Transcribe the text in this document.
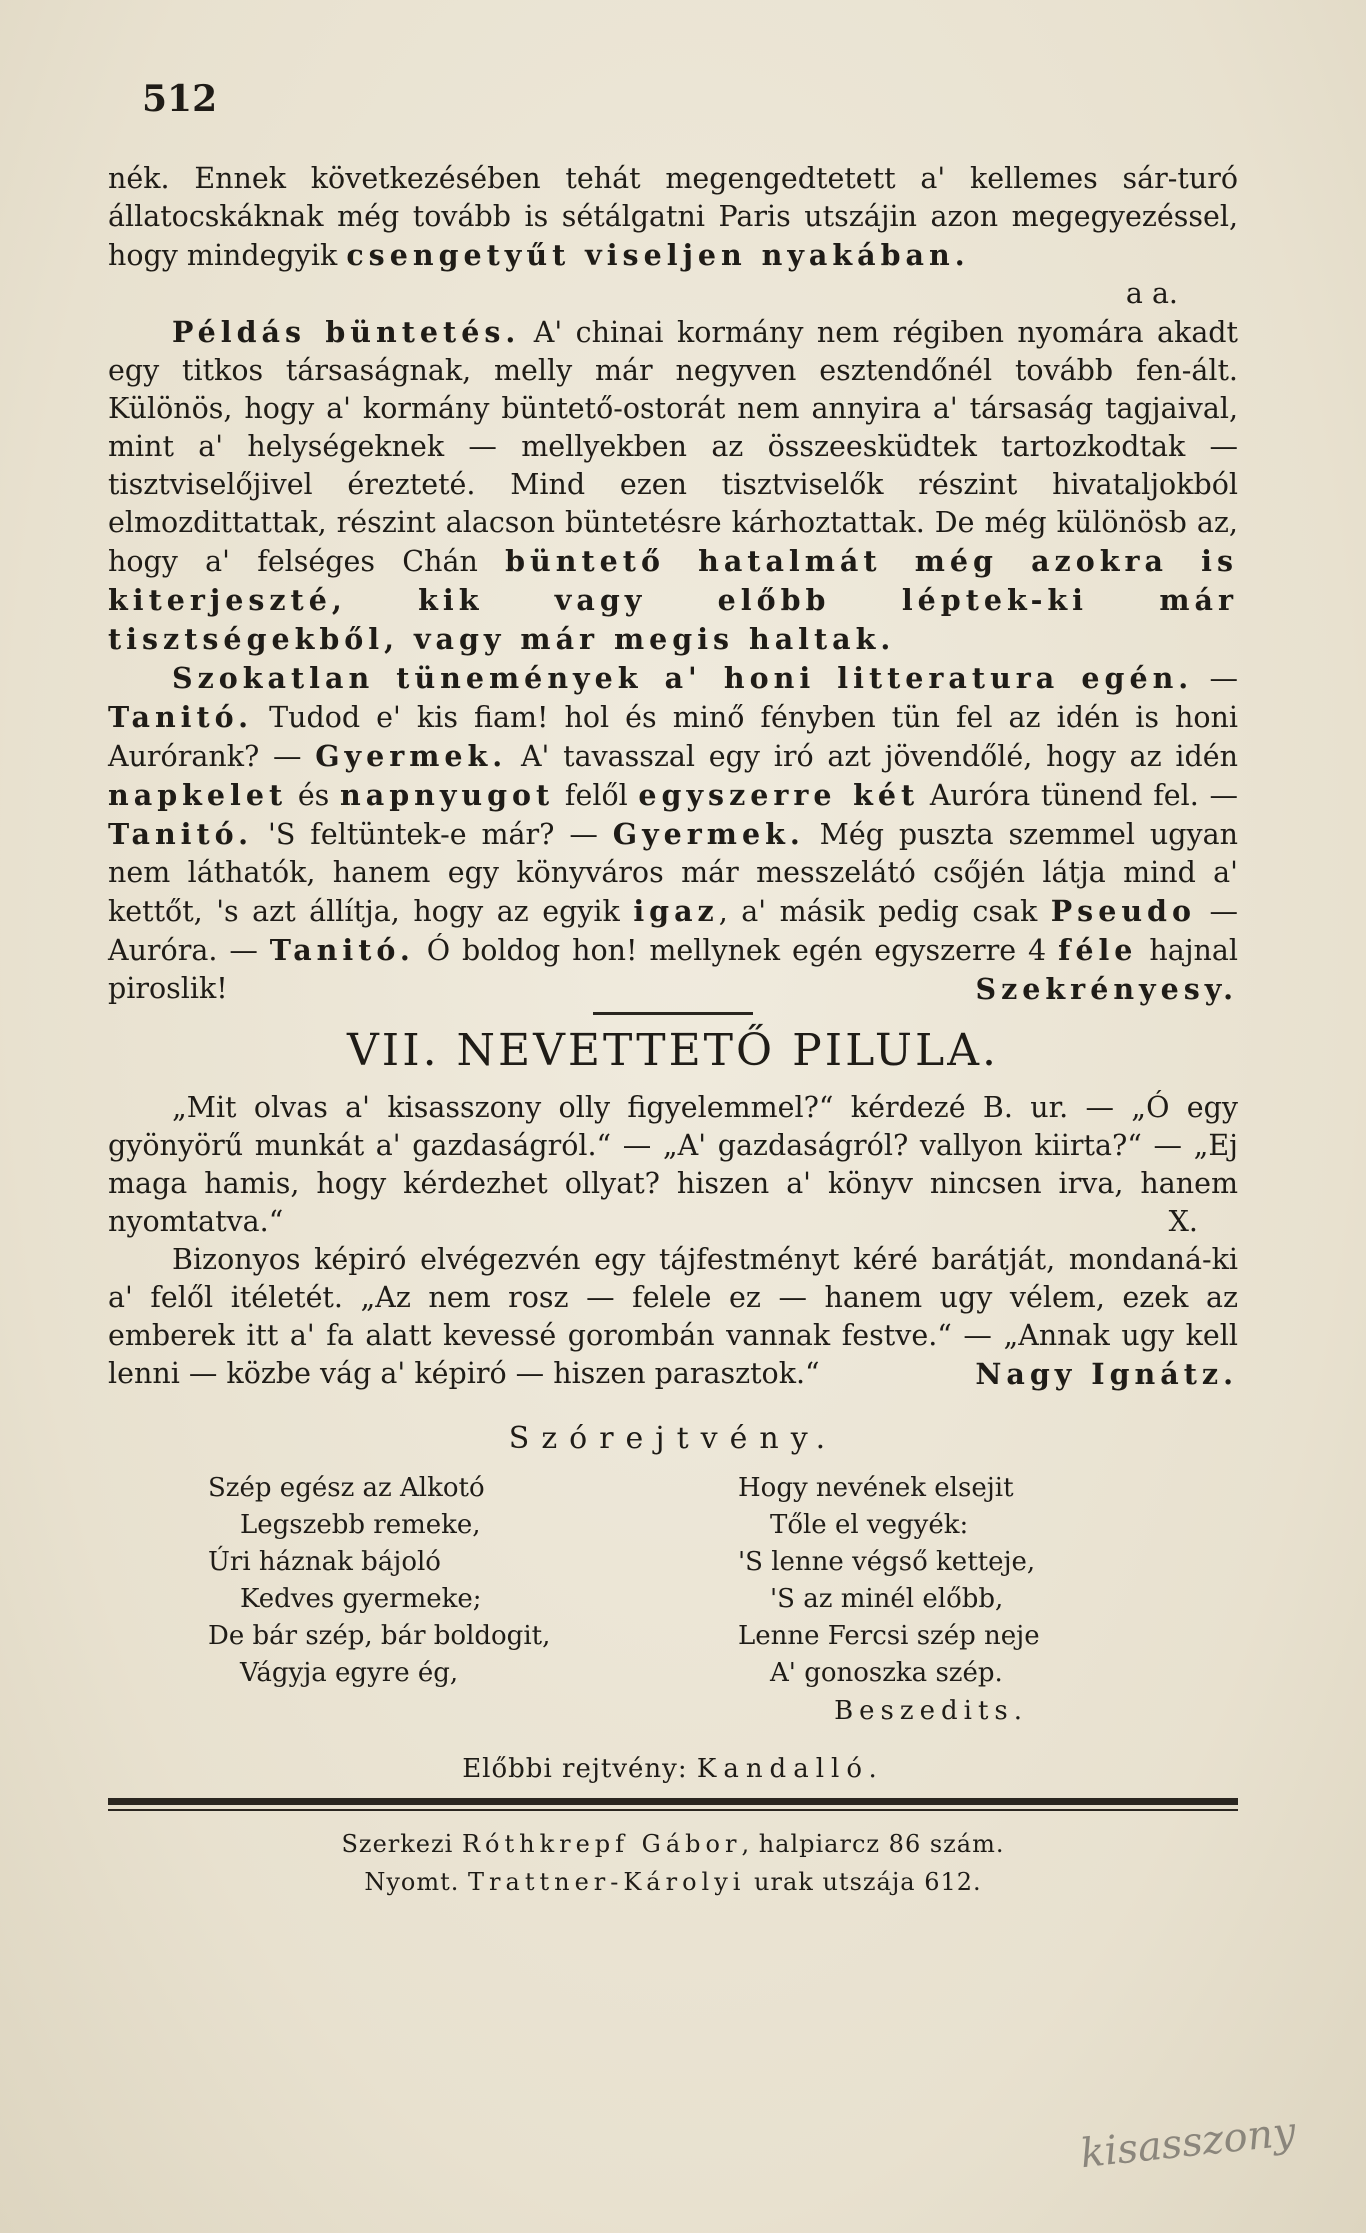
512

nék. Ennek következésében tehát megengedtetett a' kellemes sár-turó állatocskáknak még tovább is sétálgatni Paris utszájin azon megegyezéssel, hogy mindegyik csengetyűt viseljen nyakában.

a a.

Példás büntetés. A' chinai kormány nem régiben nyomára akadt egy titkos társaságnak, melly már negyven esztendőnél tovább fen-ált. Különös, hogy a' kormány büntető-ostorát nem annyira a' társaság tagjaival, mint a' helységeknek — mellyekben az összeesküdtek tartozkodtak — tisztviselőjivel érezteté. Mind ezen tisztviselők részint hivataljokból elmozdittattak, részint alacson büntetésre kárhoztattak. De még különösb az, hogy a' felséges Chán büntető hatalmát még azokra is kiterjeszté, kik vagy előbb léptek-ki már tisztségekből, vagy már megis haltak.

Szokatlan tünemények a' honi litteratura egén. — Tanitó. Tudod e' kis fiam! hol és minő fényben tün fel az idén is honi Aurórank? — Gyermek. A' tavasszal egy iró azt jövendőlé, hogy az idén napkelet és napnyugot felől egyszerre két Auróra tünend fel. — Tanitó. 'S feltüntek-e már? — Gyermek. Még puszta szemmel ugyan nem láthatók, hanem egy könyváros már messzelátó csőjén látja mind a' kettőt, 's azt állítja, hogy az egyik igaz, a' másik pedig csak Pseudo — Auróra. — Tanitó. Ó boldog hon! mellynek egén egyszerre 4 féle hajnal piroslik!	Szekrényesy.

VII. NEVETTETŐ PILULA.

„Mit olvas a' kisasszony olly figyelemmel?“ kérdezé B. ur. — „Ó egy gyönyörű munkát a' gazdaságról.“ — „A' gazdaságról? vallyon kiirta?“ — „Ej maga hamis, hogy kérdezhet ollyat? hiszen a' könyv nincsen irva, hanem nyomtatva.“	X.

Bizonyos képiró elvégezvén egy tájfestményt kéré barátját, mondaná-ki a' felől itéletét. „Az nem rosz — felele ez — hanem ugy vélem, ezek az emberek itt a' fa alatt kevessé gorombán vannak festve.“ — „Annak ugy kell lenni — közbe vág a' képiró — hiszen parasztok.“	Nagy Ignátz.

Szórejtvény.
Szép egész az Alkotó
Legszebb remeke,
Úri háznak bájoló
Kedves gyermeke;
De bár szép, bár boldogit,
Vágyja egyre ég,
Hogy nevének elsejit
Tőle el vegyék:
'S lenne végső ketteje,
'S az minél előbb,
Lenne Fercsi szép neje
A' gonoszka szép.
Beszedits.
Előbbi rejtvény: Kandalló.
Szerkezi Róthkrepf Gábor, halpiarcz 86 szám.
Nyomt. Trattner-Károlyi urak utszája 612.
kisasszony
